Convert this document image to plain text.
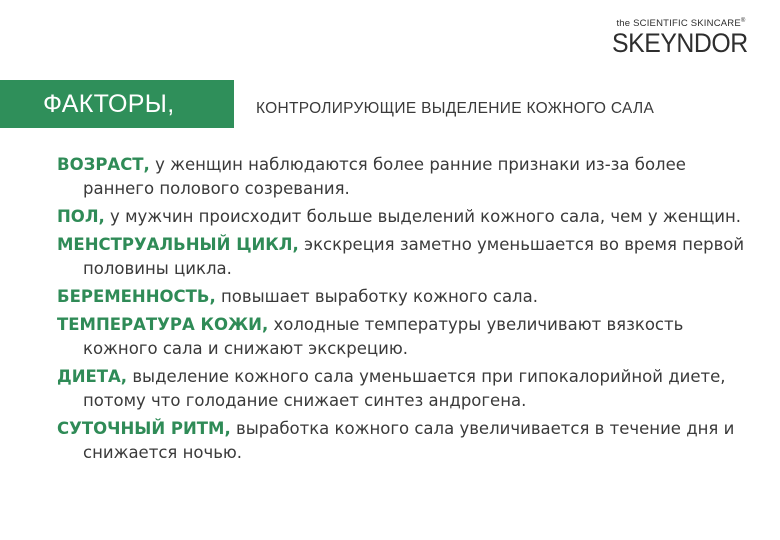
the SCIENTIFIC SKINCARE®
SKEYNDOR
ФАКТОРЫ,	КОНТРОЛИРУЮЩИЕ ВЫДЕЛЕНИЕ КОЖНОГО САЛА
ВОЗРАСТ, у женщин наблюдаются более ранние признаки из-за более раннего полового созревания.
ПОЛ, у мужчин происходит больше выделений кожного сала, чем у женщин.
МЕНСТРУАЛЬНЫЙ ЦИКЛ, экскреция заметно уменьшается во время первой половины цикла.
БЕРЕМЕННОСТЬ, повышает выработку кожного сала.
ТЕМПЕРАТУРА КОЖИ, холодные температуры увеличивают вязкость кожного сала и снижают экскрецию.
ДИЕТА, выделение кожного сала уменьшается при гипокалорийной диете, потому что голодание снижает синтез андрогена.
СУТОЧНЫЙ РИТМ, выработка кожного сала увеличивается в течение дня и снижается ночью.
